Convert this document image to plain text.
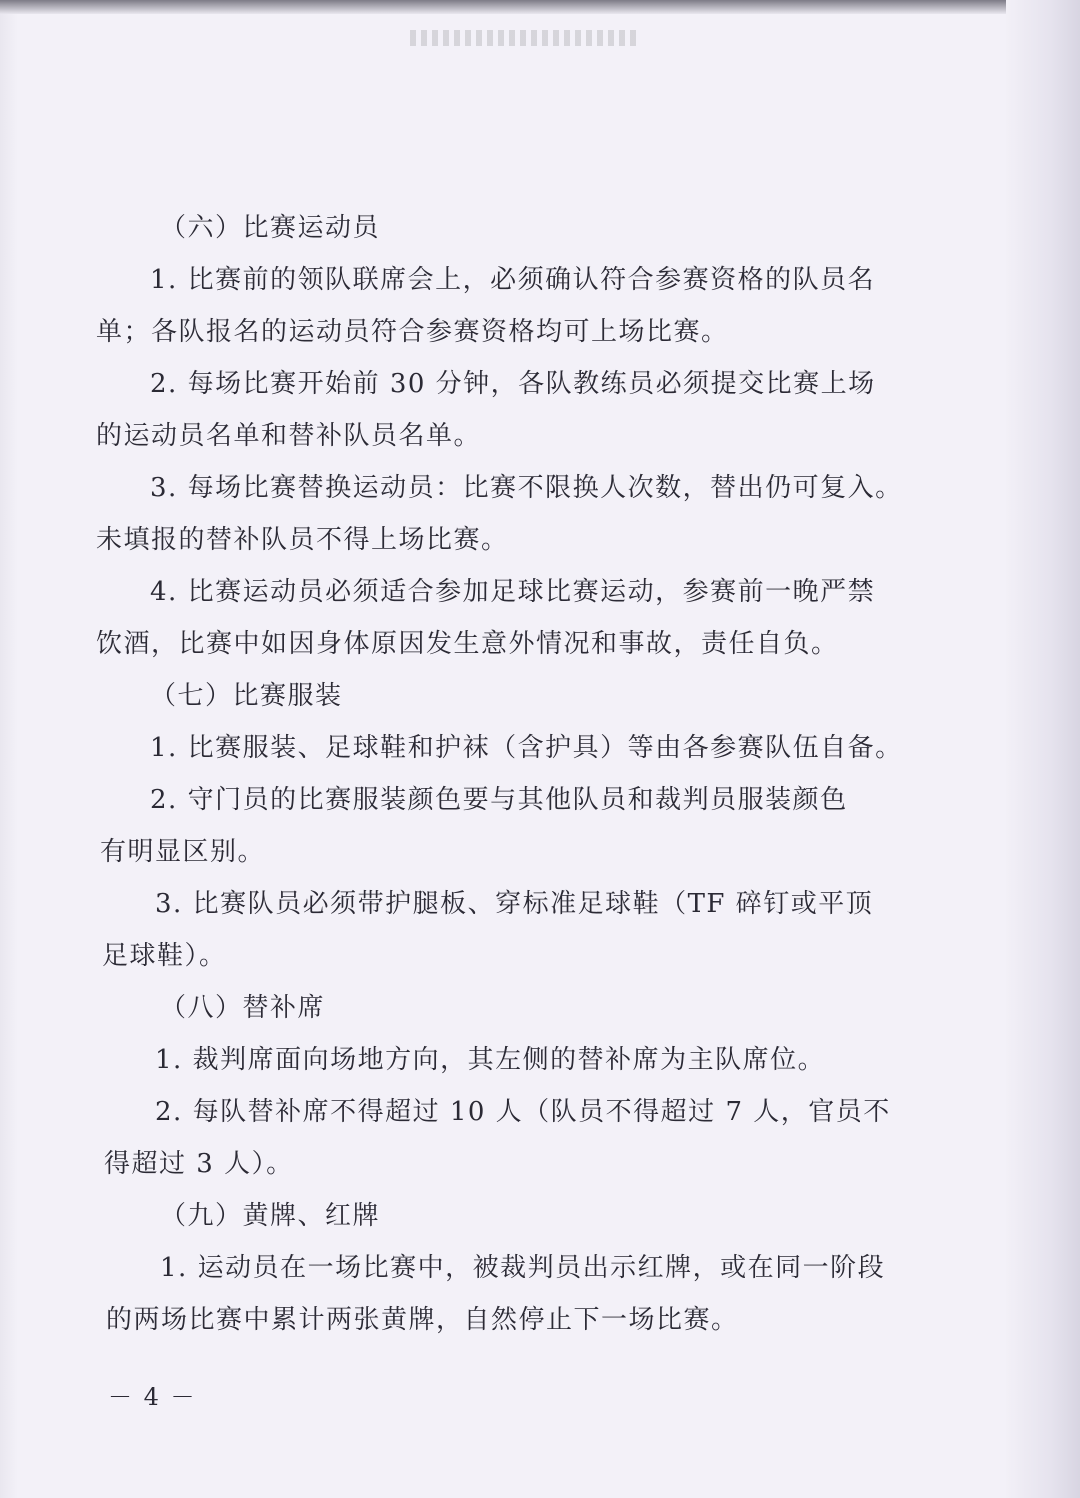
（六）比赛运动员
1. 比赛前的领队联席会上，必须确认符合参赛资格的队员名
单；各队报名的运动员符合参赛资格均可上场比赛。
2. 每场比赛开始前 30 分钟，各队教练员必须提交比赛上场
的运动员名单和替补队员名单。
3. 每场比赛替换运动员：比赛不限换人次数，替出仍可复入。
未填报的替补队员不得上场比赛。
4. 比赛运动员必须适合参加足球比赛运动，参赛前一晚严禁
饮酒，比赛中如因身体原因发生意外情况和事故，责任自负。
（七）比赛服装
1. 比赛服装、足球鞋和护袜（含护具）等由各参赛队伍自备。
2. 守门员的比赛服装颜色要与其他队员和裁判员服装颜色
有明显区别。
3. 比赛队员必须带护腿板、穿标准足球鞋（TF 碎钉或平顶
足球鞋）。
（八）替补席
1. 裁判席面向场地方向，其左侧的替补席为主队席位。
2. 每队替补席不得超过 10 人（队员不得超过 7 人，官员不
得超过 3 人）。
（九）黄牌、红牌
1. 运动员在一场比赛中，被裁判员出示红牌，或在同一阶段
的两场比赛中累计两张黄牌，自然停止下一场比赛。
－ 4 －
